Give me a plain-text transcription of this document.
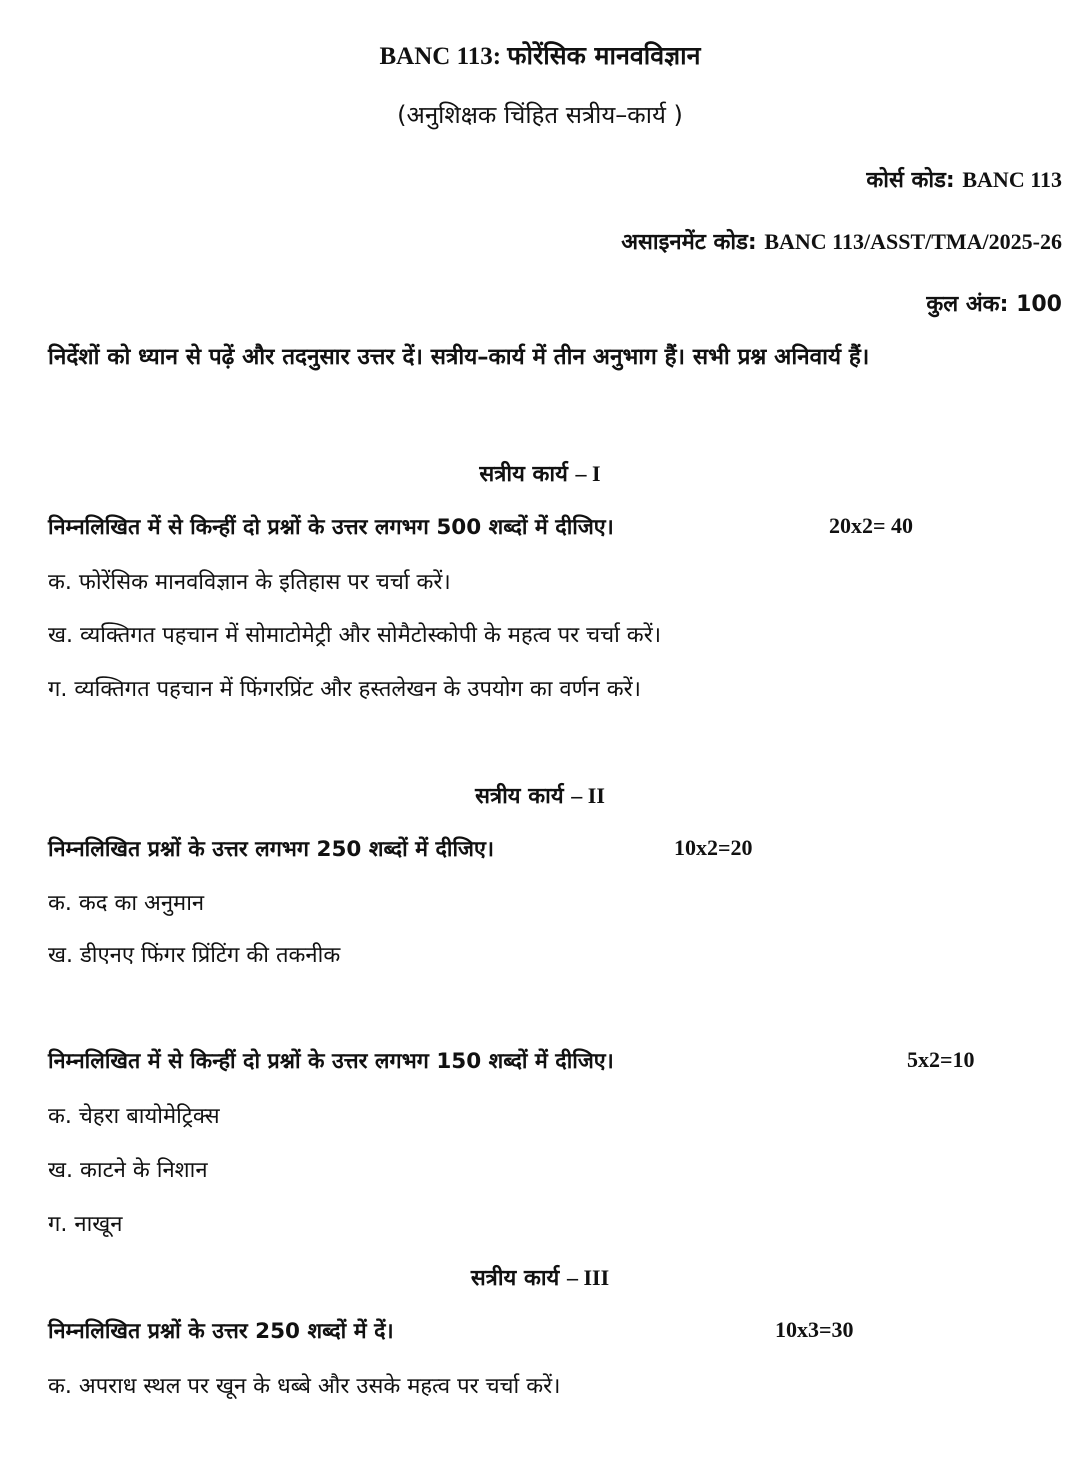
BANC 113: फोरेंसिक मानवविज्ञान
(अनुशिक्षक चिंहित सत्रीय–कार्य )
कोर्स कोड: BANC 113
असाइनमेंट कोड: BANC 113/ASST/TMA/2025-26
कुल अंक: 100
निर्देशों को ध्यान से पढ़ें और तदनुसार उत्तर दें। सत्रीय–कार्य में तीन अनुभाग हैं। सभी प्रश्न अनिवार्य हैं।
सत्रीय कार्य – I
निम्नलिखित में से किन्हीं दो प्रश्नों के उत्तर लगभग 500 शब्दों में दीजिए।	20x2= 40
क. फोरेंसिक मानवविज्ञान के इतिहास पर चर्चा करें।
ख. व्यक्तिगत पहचान में सोमाटोमेट्री और सोमैटोस्कोपी के महत्व पर चर्चा करें।
ग. व्यक्तिगत पहचान में फिंगरप्रिंट और हस्तलेखन के उपयोग का वर्णन करें।
सत्रीय कार्य – II
निम्नलिखित प्रश्नों के उत्तर लगभग 250 शब्दों में दीजिए।	10x2=20
क. कद का अनुमान
ख. डीएनए फिंगर प्रिंटिंग की तकनीक
निम्नलिखित में से किन्हीं दो प्रश्नों के उत्तर लगभग 150 शब्दों में दीजिए।	5x2=10
क. चेहरा बायोमेट्रिक्स
ख. काटने के निशान
ग. नाखून
सत्रीय कार्य – III
निम्नलिखित प्रश्नों के उत्तर 250 शब्दों में दें।	10x3=30
क. अपराध स्थल पर खून के धब्बे और उसके महत्व पर चर्चा करें।
